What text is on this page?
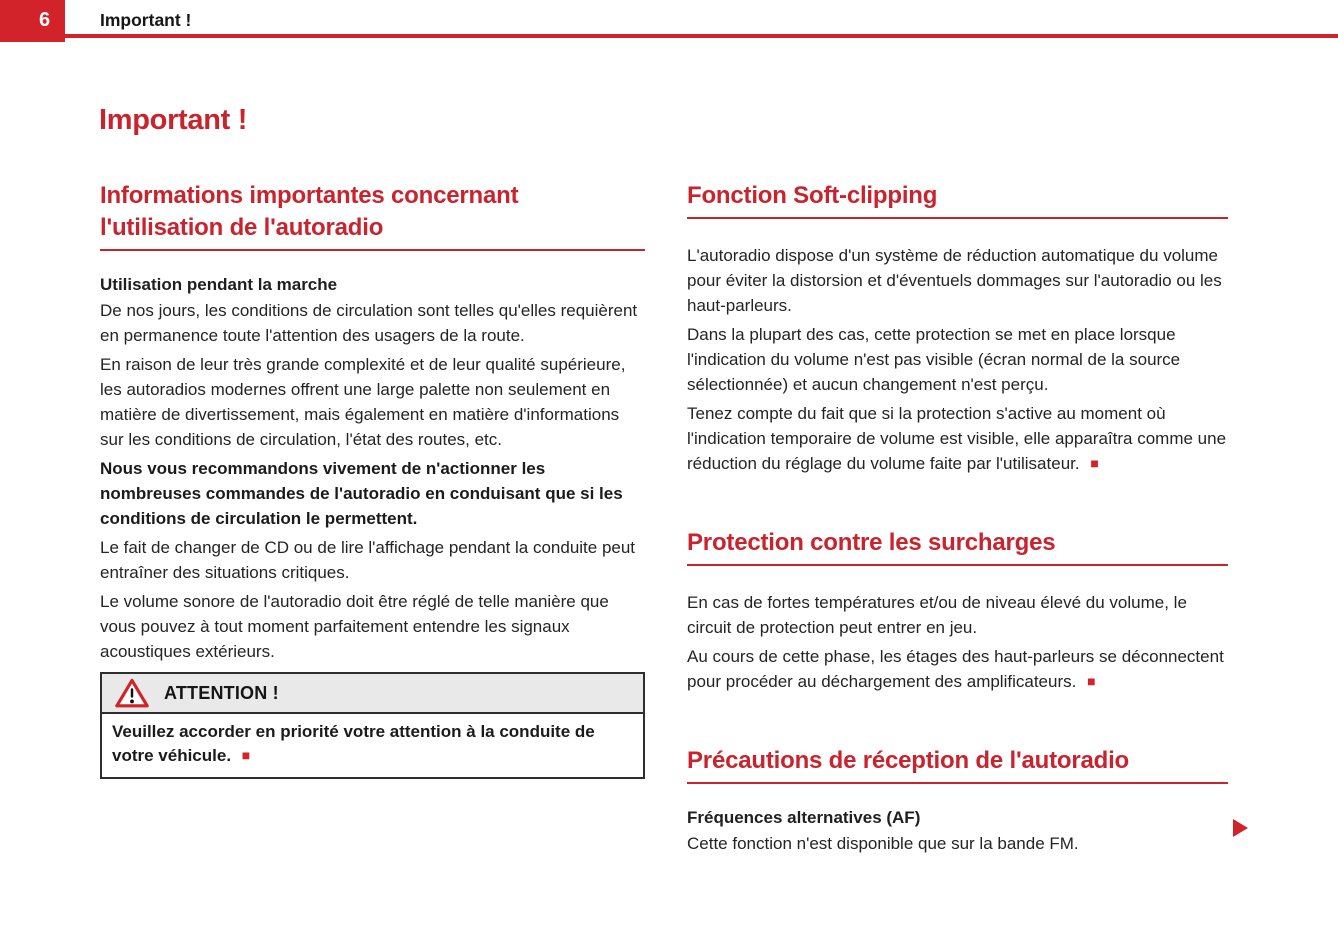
6	Important !
Important !
Informations importantes concernant l'utilisation de l'autoradio
Utilisation pendant la marche

De nos jours, les conditions de circulation sont telles qu'elles requièrent en permanence toute l'attention des usagers de la route.

En raison de leur très grande complexité et de leur qualité supérieure, les autoradios modernes offrent une large palette non seulement en matière de divertissement, mais également en matière d'informations sur les conditions de circulation, l'état des routes, etc.

Nous vous recommandons vivement de n'actionner les nombreuses commandes de l'autoradio en conduisant que si les conditions de circulation le permettent.

Le fait de changer de CD ou de lire l'affichage pendant la conduite peut entraîner des situations critiques.

Le volume sonore de l'autoradio doit être réglé de telle manière que vous pouvez à tout moment parfaitement entendre les signaux acoustiques extérieurs.

ATTENTION !
Veuillez accorder en priorité votre attention à la conduite de votre véhicule. ■
Fonction Soft-clipping

L'autoradio dispose d'un système de réduction automatique du volume pour éviter la distorsion et d'éventuels dommages sur l'autoradio ou les haut-parleurs.

Dans la plupart des cas, cette protection se met en place lorsque l'indication du volume n'est pas visible (écran normal de la source sélectionnée) et aucun changement n'est perçu.

Tenez compte du fait que si la protection s'active au moment où l'indication temporaire de volume est visible, elle apparaîtra comme une réduction du réglage du volume faite par l'utilisateur. ■

Protection contre les surcharges

En cas de fortes températures et/ou de niveau élevé du volume, le circuit de protection peut entrer en jeu.

Au cours de cette phase, les étages des haut-parleurs se déconnectent pour procéder au déchargement des amplificateurs. ■

Précautions de réception de l'autoradio
Fréquences alternatives (AF)

Cette fonction n'est disponible que sur la bande FM.
